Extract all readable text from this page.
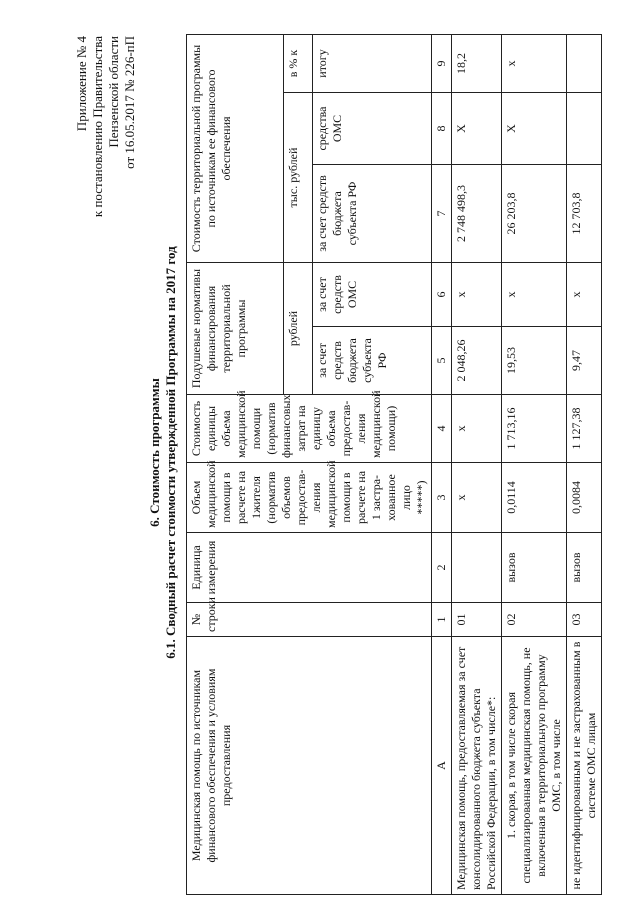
Приложение № 4 к постановлению Правительства Пензенской области от 16.05.2017 № 226-пП
6. Стоимость программы 6.1. Сводный расчет стоимости утвержденной Программы на 2017 год
Медицинская помощь по источникам финансового обеспечения и условиям предоставления	№ строки	Единица измерения	Объем медицинской помощи в расчете на 1жителя (норматив объемов предостав-ления медицинской помощи в расчете на 1 застра-хованное лицо *****)	Стоимость единицы объема медицинской помощи (норматив финансовых затрат на единицу объема предостав-ления медицинской помощи)	Подушевые нормативы финансирования территориальной программы		Стоимость территориальной программы по источникам ее финансового обеспечения		

					рублей		тыс. рублей		в % к
					за счет средств бюджета субъекта РФ	за счет средств ОМС	за счет средств бюджета субъекта РФ	средства ОМС	итогу
А	1	2	3	4	5	6	7	8	9
Медицинская помощь, предоставляемая за счет консолидированного бюджета субъекта Российской Федерации, в том числе*:	01		х	х	2 048,26	х	2 748 498,3	Х	18,2
1. скорая, в том числе скорая специализированная медицинская помощь, не включенная в территориальную программу ОМС, в том числе	02	вызов	0,0114	1 713,16	19,53	х	26 203,8	Х	х
не идентифицированным и не застрахованным в системе ОМС лицам	03	вызов	0,0084	1 127,38	9,47	х	12 703,8		
